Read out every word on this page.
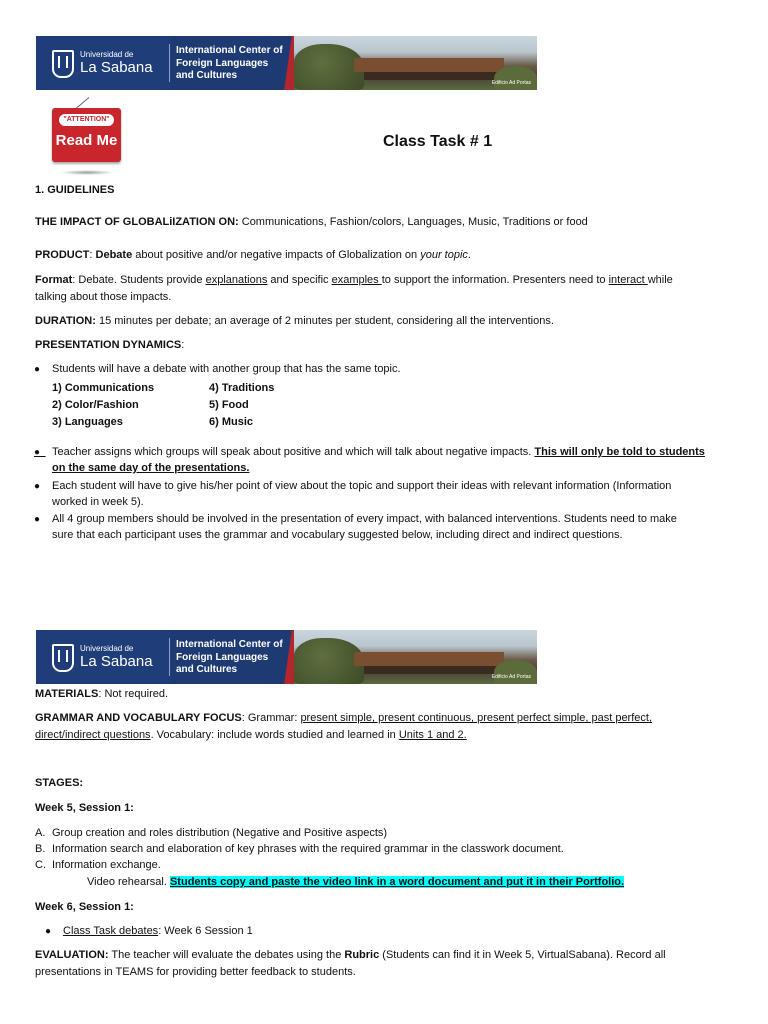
Universidad de
La Sabana
International Center of
Foreign Languages
and Cultures
Edificio Ad Portas
"ATTENTION"
Read Me	Class Task # 1
1. GUIDELINES
THE IMPACT OF GLOBALiIZATION ON: Communications, Fashion/colors, Languages, Music, Traditions or food
PRODUCT: Debate about positive and/or negative impacts of Globalization on your topic.
Format: Debate. Students provide explanations and specific examples to support the information. Presenters need to interact while
talking about those impacts.
DURATION: 15 minutes per debate; an average of 2 minutes per student, considering all the interventions.
PRESENTATION DYNAMICS:
● Students will have a debate with another group that has the same topic.
1) Communications
2) Color/Fashion
3) Languages
4) Traditions
5) Food
6) Music
● Teacher assigns which groups will speak about positive and which will talk about negative impacts. This will only be told to students
on the same day of the presentations.
● Each student will have to give his/her point of view about the topic and support their ideas with relevant information (Information
worked in week 5).
● All 4 group members should be involved in the presentation of every impact, with balanced interventions. Students need to make
sure that each participant uses the grammar and vocabulary suggested below, including direct and indirect questions.
Universidad de
La Sabana
International Center of
Foreign Languages
and Cultures
Edificio Ad Portas
MATERIALS: Not required.
GRAMMAR AND VOCABULARY FOCUS: Grammar: present simple, present continuous, present perfect simple, past perfect,
direct/indirect questions. Vocabulary: include words studied and learned in Units 1 and 2.
STAGES:
Week 5, Session 1:
A. Group creation and roles distribution (Negative and Positive aspects)
B. Information search and elaboration of key phrases with the required grammar in the classwork document.
C. Information exchange.
Video rehearsal. Students copy and paste the video link in a word document and put it in their Portfolio.
Week 6, Session 1:
● Class Task debates: Week 6 Session 1
EVALUATION: The teacher will evaluate the debates using the Rubric (Students can find it in Week 5, VirtualSabana). Record all
presentations in TEAMS for providing better feedback to students.
